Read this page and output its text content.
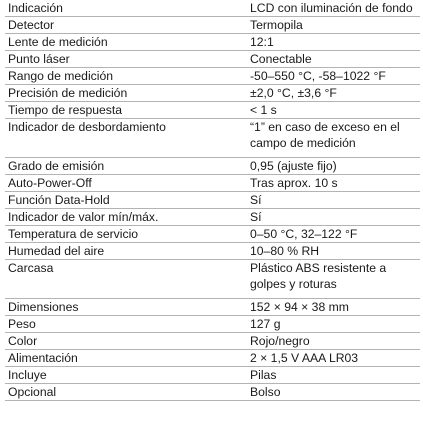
Indicación	LCD con iluminación de fondo
Detector	Termopila
Lente de medición	12:1
Punto láser	Conectable
Rango de medición	-50–550 °C, -58–1022 °F
Precisión de medición	±2,0 °C, ±3,6 °F
Tiempo de respuesta	< 1 s
Indicador de desbordamiento	“1” en caso de exceso en el campo de medición
Grado de emisión	0,95 (ajuste fijo)
Auto-Power-Off	Tras aprox. 10 s
Función Data-Hold	Sí
Indicador de valor mín/máx.	Sí
Temperatura de servicio	0–50 °C, 32–122 °F
Humedad del aire	10–80 % RH
Carcasa	Plástico ABS resistente a golpes y roturas
Dimensiones	152 × 94 × 38 mm
Peso	127 g
Color	Rojo/negro
Alimentación	2 × 1,5 V AAA LR03
Incluye	Pilas
Opcional	Bolso
